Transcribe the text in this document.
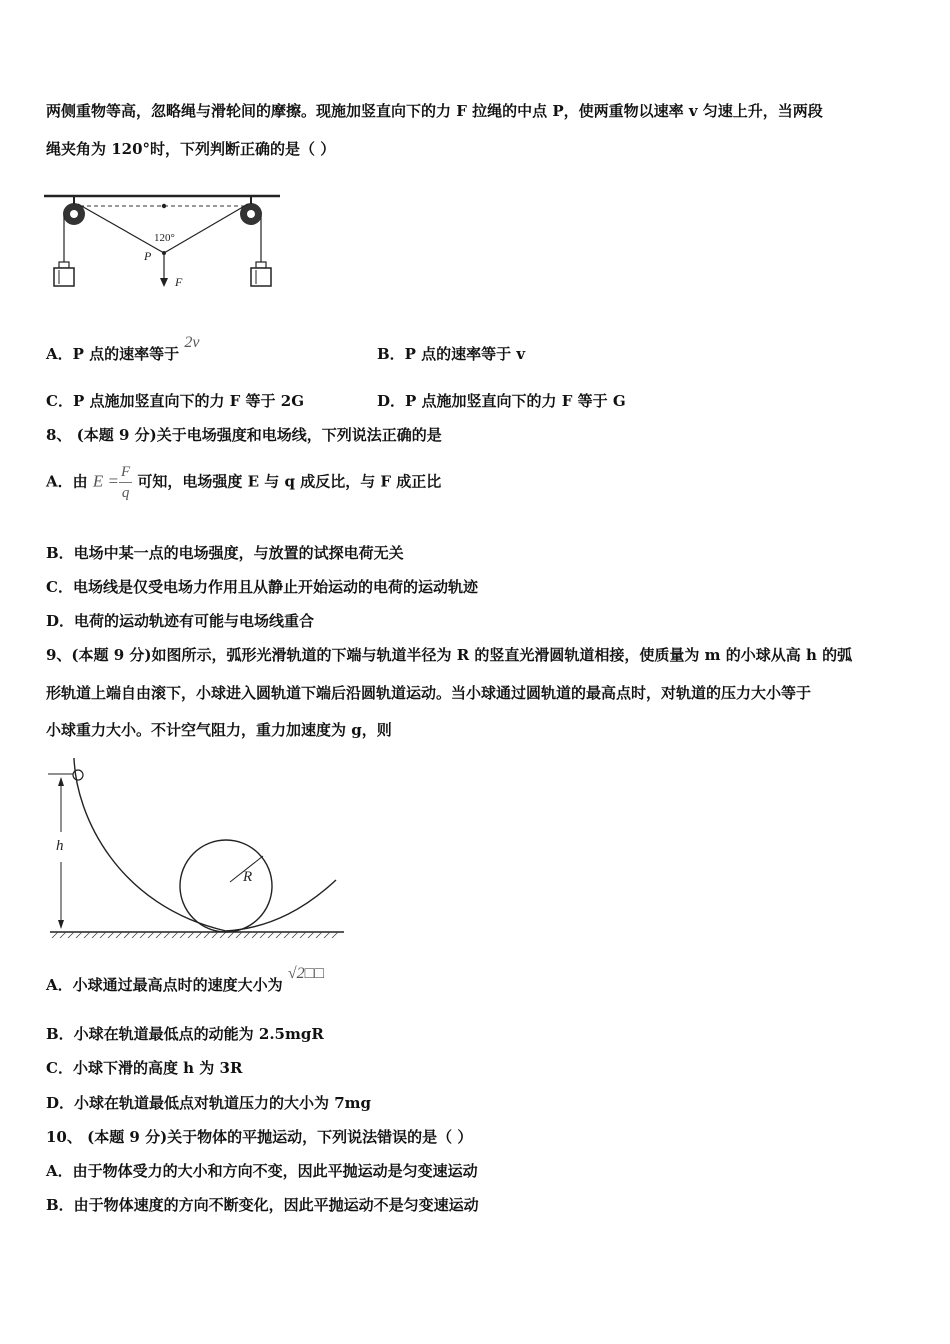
两侧重物等高，忽略绳与滑轮间的摩擦。现施加竖直向下的力 F 拉绳的中点 P，使两重物以速率 v 匀速上升，当两段
绳夹角为 120°时，下列判断正确的是（ ）
120°
P
F
A．P 点的速率等于 2v
B．P 点的速率等于 v
C．P 点施加竖直向下的力 F 等于 2G	D．P 点施加竖直向下的力 F 等于 G
8、 (本题 9 分)关于电场强度和电场线，下列说法正确的是
A．由 $E = \frac{F}{q}$ 可知，电场强度 E 与 q 成反比，与 F 成正比
B．电场中某一点的电场强度，与放置的试探电荷无关
C．电场线是仅受电场力作用且从静止开始运动的电荷的运动轨迹
D．电荷的运动轨迹有可能与电场线重合
9、(本题 9 分)如图所示，弧形光滑轨道的下端与轨道半径为 R 的竖直光滑圆轨道相接，使质量为 m 的小球从高 h 的弧
形轨道上端自由滚下，小球进入圆轨道下端后沿圆轨道运动。当小球通过圆轨道的最高点时，对轨道的压力大小等于
小球重力大小。不计空气阻力，重力加速度为 g，则
h
R
A．小球通过最高点时的速度大小为 √2□□
B．小球在轨道最低点的动能为 2.5mgR
C．小球下滑的高度 h 为 3R
D．小球在轨道最低点对轨道压力的大小为 7mg
10、 (本题 9 分)关于物体的平抛运动，下列说法错误的是（ ）
A．由于物体受力的大小和方向不变，因此平抛运动是匀变速运动
B．由于物体速度的方向不断变化，因此平抛运动不是匀变速运动
